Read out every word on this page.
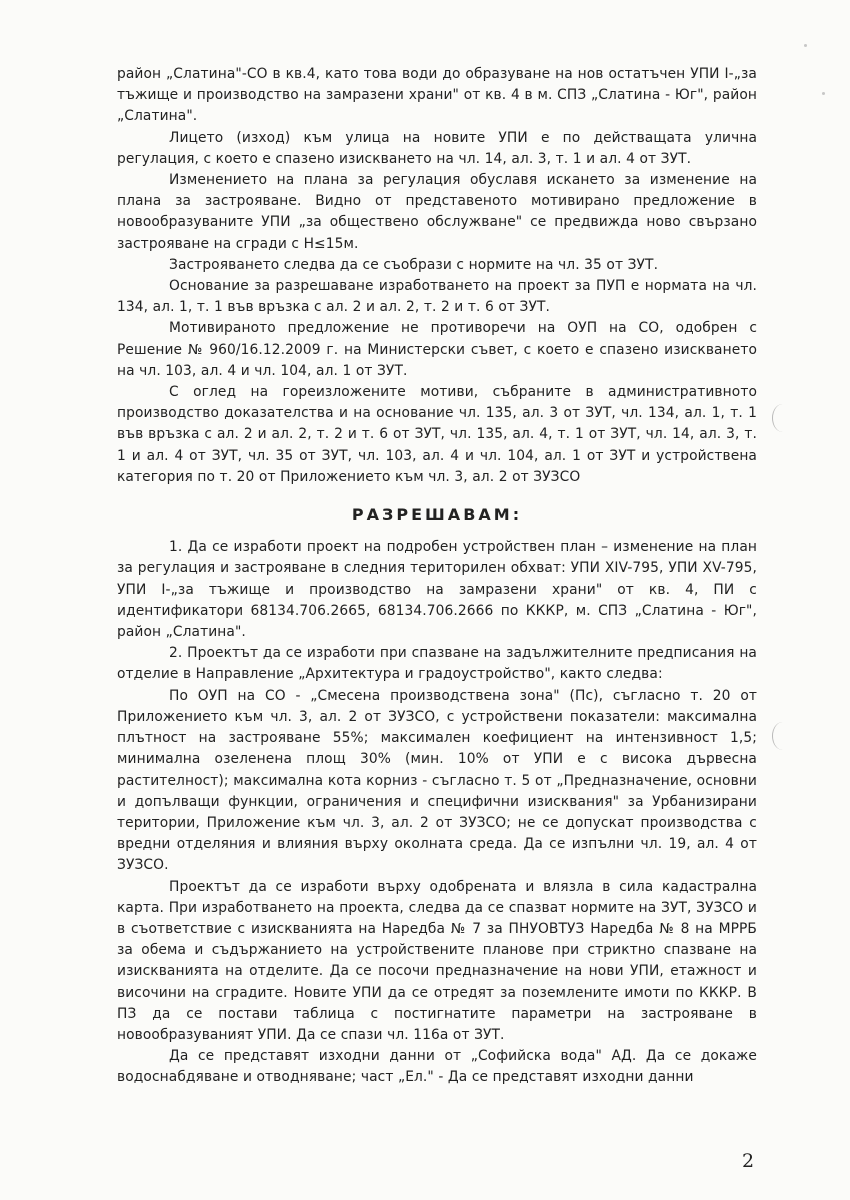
район „Слатина"-СО в кв.4, като това води до образуване на нов остатъчен УПИ I-„за тъжище и производство на замразени храни" от кв. 4 в м. СПЗ „Слатина - Юг", район „Слатина".

Лицето (изход) към улица на новите УПИ е по действащата улична регулация, с което е спазено изискването на чл. 14, ал. 3, т. 1 и ал. 4 от ЗУТ.

Изменението на плана за регулация обуславя искането за изменение на плана за застрояване. Видно от представеното мотивирано предложение в новообразуваните УПИ „за обществено обслужване" се предвижда ново свързано застрояване на сгради с H≤15м.

Застрояването следва да се съобрази с нормите на чл. 35 от ЗУТ.

Основание за разрешаване изработването на проект за ПУП е нормата на чл. 134, ал. 1, т. 1 във връзка с ал. 2 и ал. 2, т. 2 и т. 6 от ЗУТ.

Мотивираното предложение не противоречи на ОУП на СО, одобрен с Решение № 960/16.12.2009 г. на Министерски съвет, с което е спазено изискването на чл. 103, ал. 4 и чл. 104, ал. 1 от ЗУТ.

С оглед на гореизложените мотиви, събраните в административното производство доказателства и на основание чл. 135, ал. 3 от ЗУТ, чл. 134, ал. 1, т. 1 във връзка с ал. 2 и ал. 2, т. 2 и т. 6 от ЗУТ, чл. 135, ал. 4, т. 1 от ЗУТ, чл. 14, ал. 3, т. 1 и ал. 4 от ЗУТ, чл. 35 от ЗУТ, чл. 103, ал. 4 и чл. 104, ал. 1 от ЗУТ и устройствена категория по т. 20 от Приложението към чл. 3, ал. 2 от ЗУЗСО

РАЗРЕШАВАМ:

1. Да се изработи проект на подробен устройствен план – изменение на план за регулация и застрояване в следния територилен обхват: УПИ XIV-795, УПИ XV-795, УПИ I-„за тъжище и производство на замразени храни" от кв. 4, ПИ с идентификатори 68134.706.2665, 68134.706.2666 по КККР, м. СПЗ „Слатина - Юг", район „Слатина".

2. Проектът да се изработи при спазване на задължителните предписания на отделие в Направление „Архитектура и градоустройство", както следва:

По ОУП на СО - „Смесена производствена зона" (Пс), съгласно т. 20 от Приложението към чл. 3, ал. 2 от ЗУЗСО, с устройствени показатели: максимална плътност на застрояване 55%; максимален коефициент на интензивност 1,5; минимална озеленена площ 30% (мин. 10% от УПИ е с висока дървесна растителност); максимална кота корниз - съгласно т. 5 от „Предназначение, основни и допълващи функции, ограничения и специфични изисквания" за Урбанизирани територии, Приложение към чл. 3, ал. 2 от ЗУЗСО; не се допускат производства с вредни отделяния и влияния върху околната среда. Да се изпълни чл. 19, ал. 4 от ЗУЗСО.

Проектът да се изработи върху одобрената и влязла в сила кадастрална карта. При изработването на проекта, следва да се спазват нормите на ЗУТ, ЗУЗСО и в съответствие с изискванията на Наредба № 7 за ПНУОВТУЗ Наредба № 8 на МРРБ за обема и съдържанието на устройствените планове при стриктно спазване на изискванията на отделите. Да се посочи предназначение на нови УПИ, етажност и височини на сградите. Новите УПИ да се отредят за поземлените имоти по КККР. В ПЗ да се постави таблица с постигнатите параметри на застрояване в новообразуваният УПИ. Да се спази чл. 116а от ЗУТ.

Да се представят изходни данни от „Софийска вода" АД. Да се докаже водоснабдяване и отводняване; част „Ел." - Да се представят изходни данни

2
